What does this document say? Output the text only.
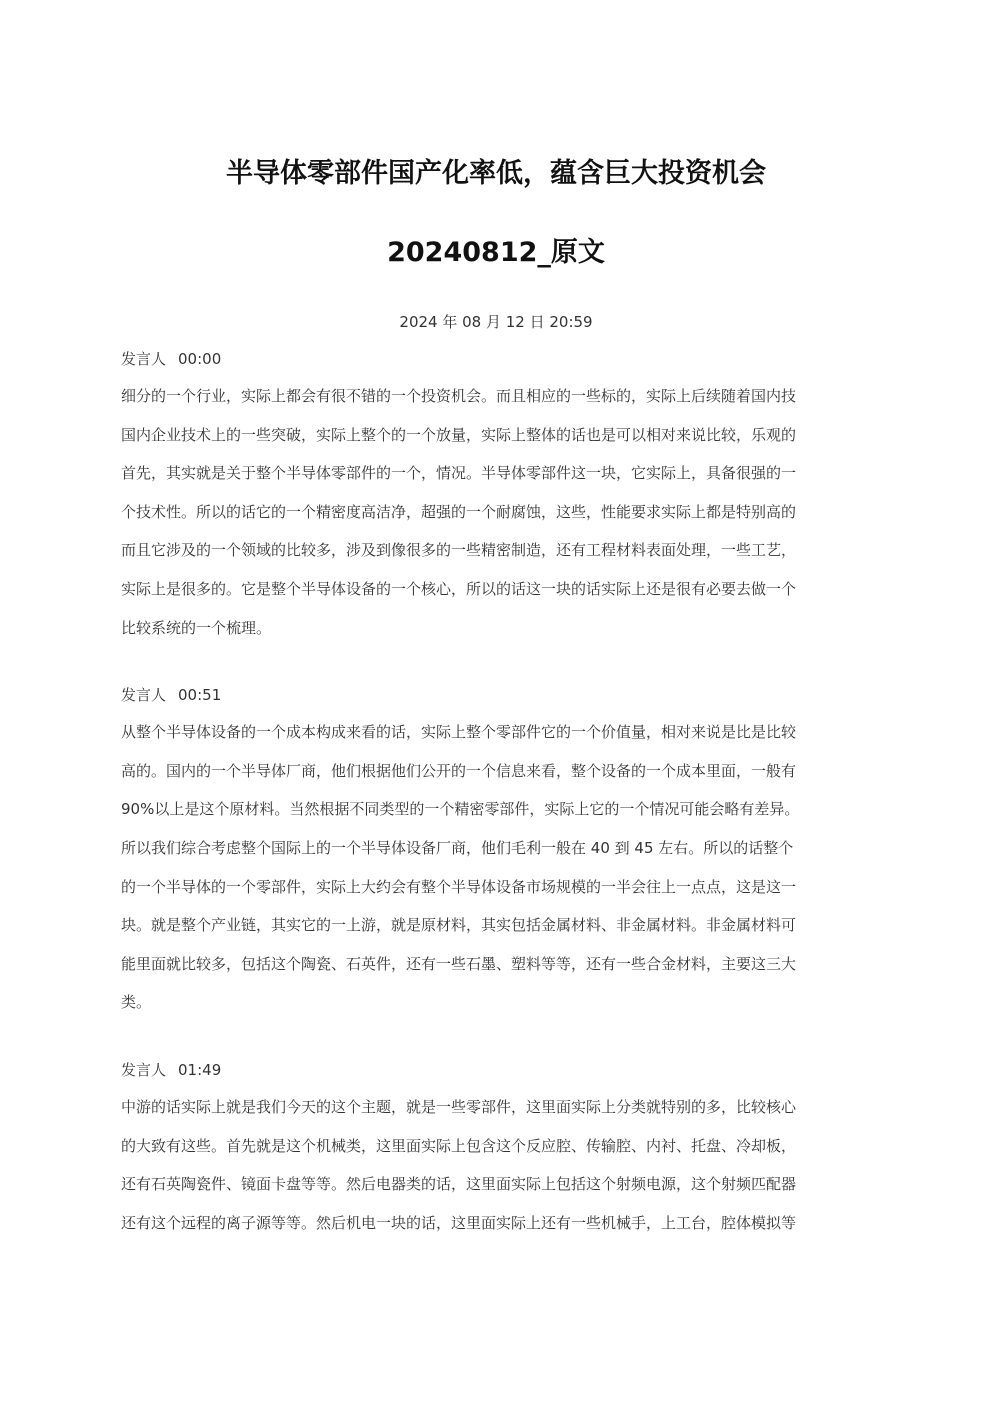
半导体零部件国产化率低，蕴含巨大投资机会
20240812_原文
2024 年 08 月 12 日 20:59
发言人 00:00

细分的一个行业，实际上都会有很不错的一个投资机会。而且相应的一些标的，实际上后续随着国内技

国内企业技术上的一些突破，实际上整个的一个放量，实际上整体的话也是可以相对来说比较，乐观的

首先，其实就是关于整个半导体零部件的一个，情况。半导体零部件这一块，它实际上，具备很强的一

个技术性。所以的话它的一个精密度高洁净，超强的一个耐腐蚀，这些，性能要求实际上都是特别高的

而且它涉及的一个领域的比较多，涉及到像很多的一些精密制造，还有工程材料表面处理，一些工艺，

实际上是很多的。它是整个半导体设备的一个核心，所以的话这一块的话实际上还是很有必要去做一个

比较系统的一个梳理。

发言人 00:51

从整个半导体设备的一个成本构成来看的话，实际上整个零部件它的一个价值量，相对来说是比是比较

高的。国内的一个半导体厂商，他们根据他们公开的一个信息来看，整个设备的一个成本里面，一般有

90%以上是这个原材料。当然根据不同类型的一个精密零部件，实际上它的一个情况可能会略有差异。

所以我们综合考虑整个国际上的一个半导体设备厂商，他们毛利一般在 40 到 45 左右。所以的话整个

的一个半导体的一个零部件，实际上大约会有整个半导体设备市场规模的一半会往上一点点，这是这一

块。就是整个产业链，其实它的一上游，就是原材料，其实包括金属材料、非金属材料。非金属材料可

能里面就比较多，包括这个陶瓷、石英件，还有一些石墨、塑料等等，还有一些合金材料，主要这三大

类。

发言人 01:49

中游的话实际上就是我们今天的这个主题，就是一些零部件，这里面实际上分类就特别的多，比较核心

的大致有这些。首先就是这个机械类，这里面实际上包含这个反应腔、传输腔、内衬、托盘、冷却板，

还有石英陶瓷件、镜面卡盘等等。然后电器类的话，这里面实际上包括这个射频电源，这个射频匹配器

还有这个远程的离子源等等。然后机电一块的话，这里面实际上还有一些机械手，上工台，腔体模拟等
